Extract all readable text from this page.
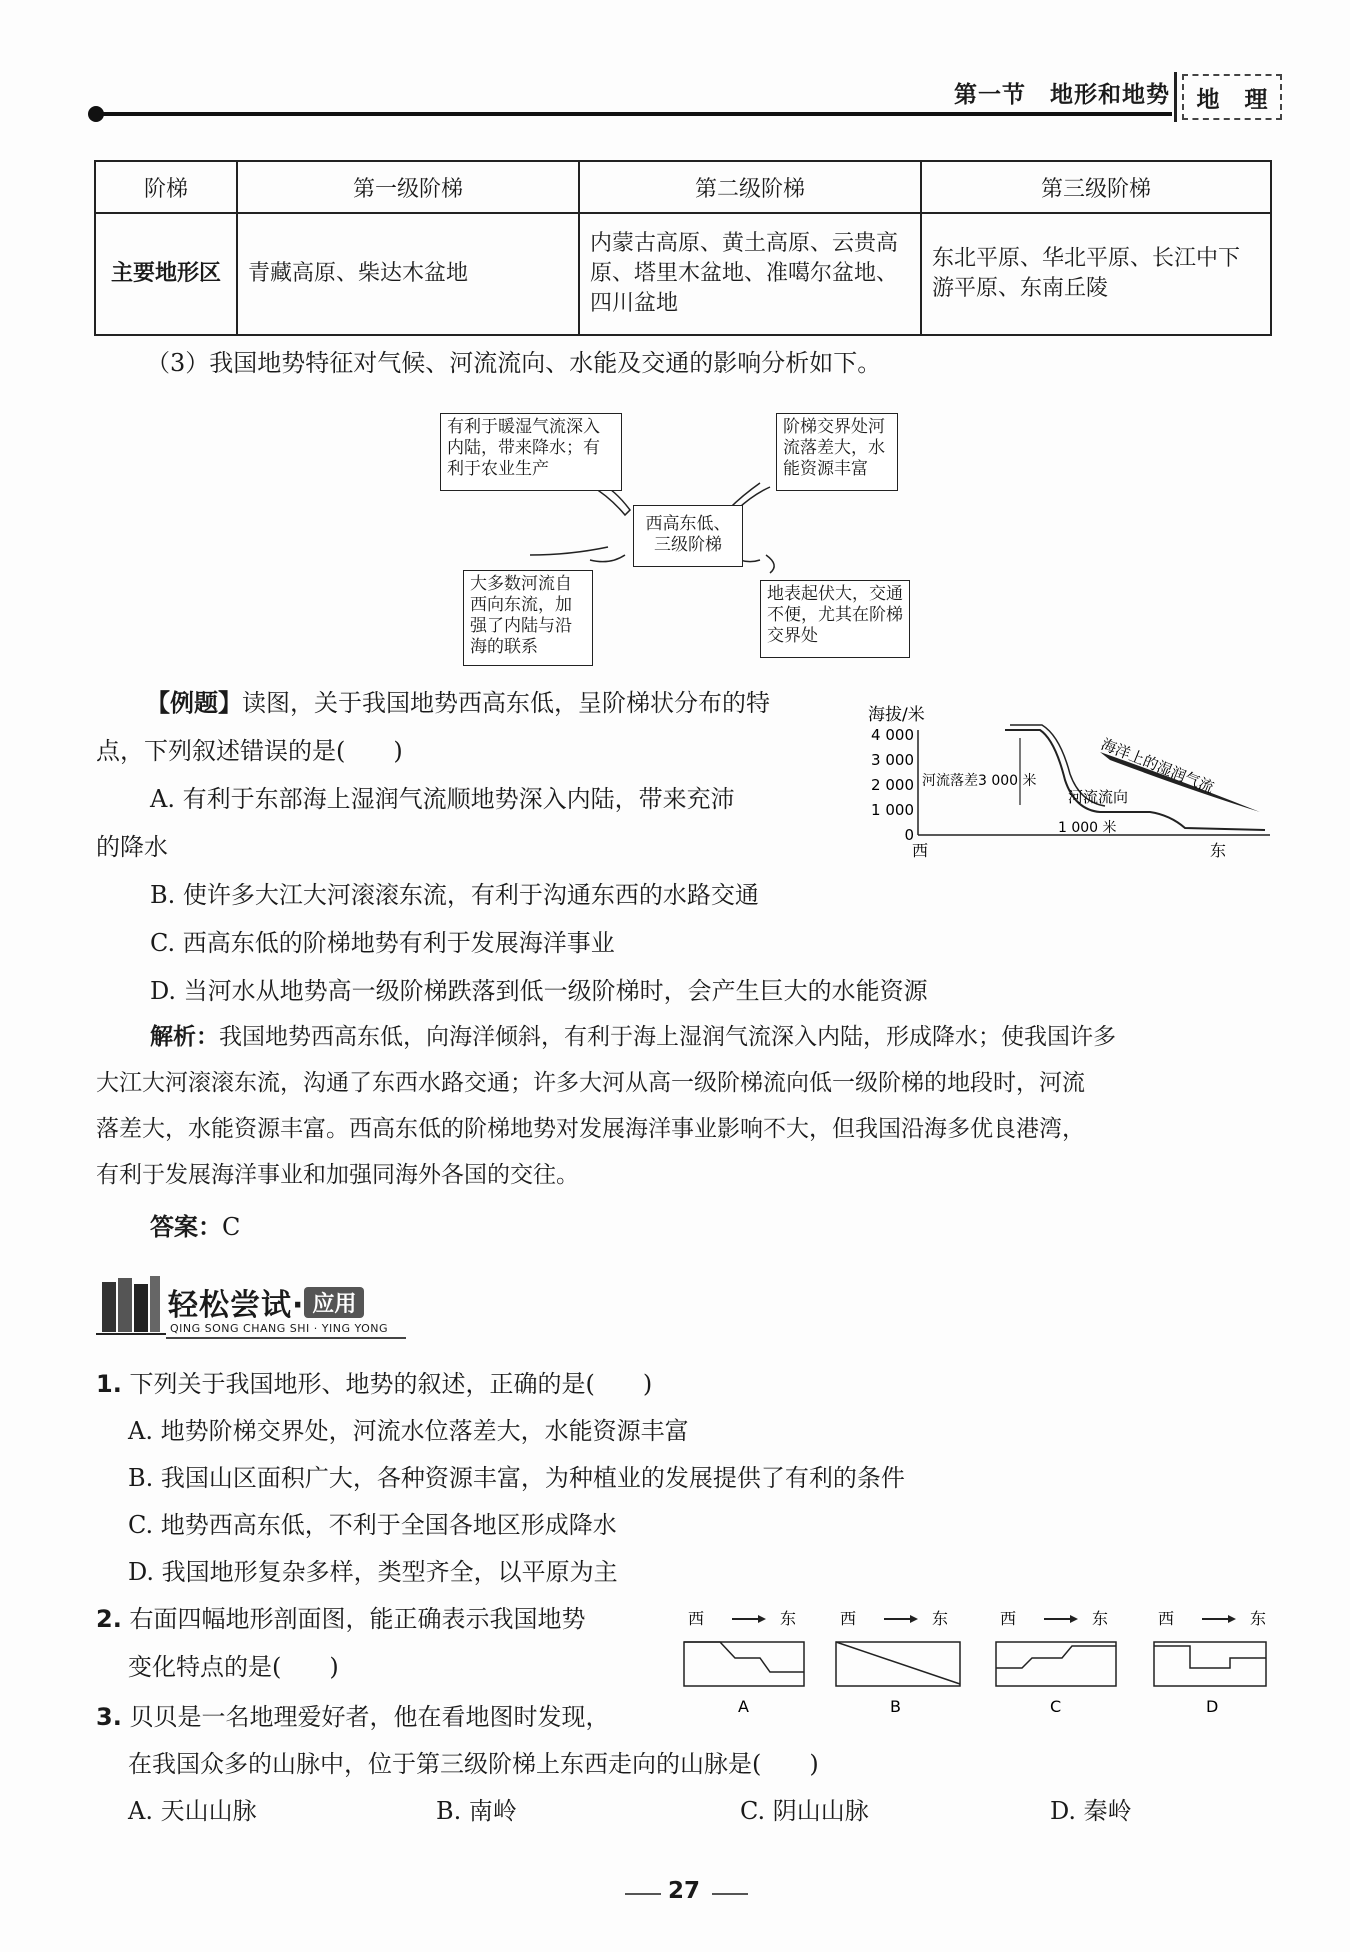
第一节 地形和地势 地 理
阶梯	第一级阶梯	第二级阶梯	第三级阶梯
主要地形区	青藏高原、柴达木盆地	内蒙古高原、黄土高原、云贵高原、塔里木盆地、准噶尔盆地、四川盆地	东北平原、华北平原、长江中下游平原、东南丘陵
（3）我国地势特征对气候、河流流向、水能及交通的影响分析如下。
有利于暖湿气流深入内陆，带来降水；有利于农业生产
阶梯交界处河流落差大，水能资源丰富
西高东低、三级阶梯
大多数河流自西向东流，加强了内陆与沿海的联系
地表起伏大，交通不便，尤其在阶梯交界处
【例题】读图，关于我国地势西高东低，呈阶梯状分布的特
点，下列叙述错误的是(　　)
A. 有利于东部海上湿润气流顺地势深入内陆，带来充沛
的降水
B. 使许多大江大河滚滚东流，有利于沟通东西的水路交通
C. 西高东低的阶梯地势有利于发展海洋事业
D. 当河水从地势高一级阶梯跌落到低一级阶梯时，会产生巨大的水能资源
海拔/米
4 000
3 000
2 000
1 000
0
河流落差3 000 米
河流流向
海洋上的湿润气流
1 000 米
西	东
解析：我国地势西高东低，向海洋倾斜，有利于海上湿润气流深入内陆，形成降水；使我国许多
大江大河滚滚东流，沟通了东西水路交通；许多大河从高一级阶梯流向低一级阶梯的地段时，河流
落差大，水能资源丰富。西高东低的阶梯地势对发展海洋事业影响不大，但我国沿海多优良港湾，
有利于发展海洋事业和加强同海外各国的交往。
答案：C
轻松尝试· 应用
QING SONG CHANG SHI · YING YONG
1. 下列关于我国地形、地势的叙述，正确的是(　　)
A. 地势阶梯交界处，河流水位落差大，水能资源丰富
B. 我国山区面积广大，各种资源丰富，为种植业的发展提供了有利的条件
C. 地势西高东低，不利于全国各地区形成降水
D. 我国地形复杂多样，类型齐全，以平原为主
2. 右面四幅地形剖面图，能正确表示我国地势
变化特点的是(　　)
西	东
A
西	东
B
西	东
C
西	东
D
3. 贝贝是一名地理爱好者，他在看地图时发现，
在我国众多的山脉中，位于第三级阶梯上东西走向的山脉是(　　)
A. 天山山脉	B. 南岭	C. 阴山山脉	D. 秦岭
27
